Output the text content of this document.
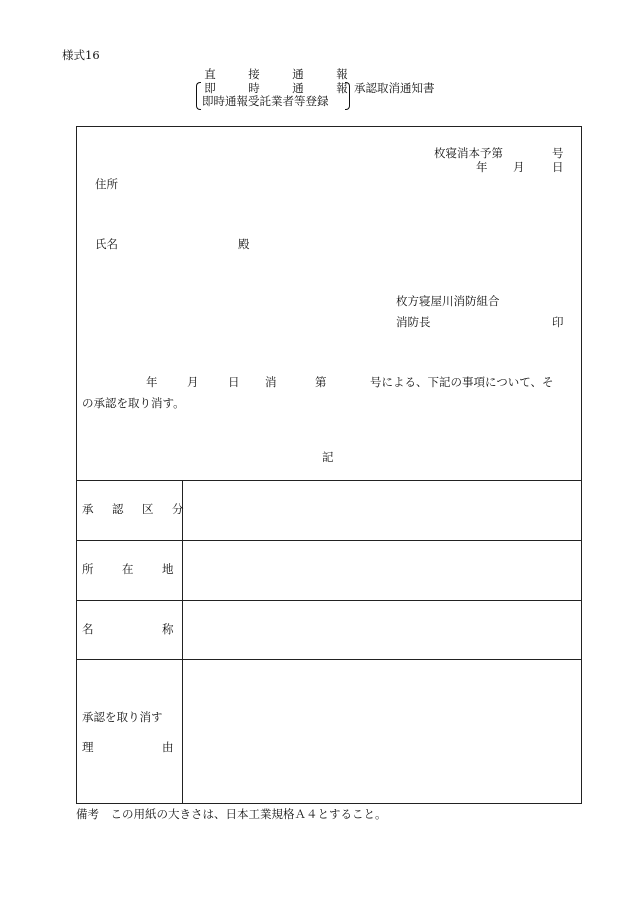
様式16
直	接	通	報
即	時	通	報
即時通報受託業者等登録
承認取消通知書
枚寝消本予第	号
年 月 日
住所
氏名	殿
枚方寝屋川消防組合
消防長	印
年	月	日 消	第	号による、下記の事項について、そ
の承認を取り消す。
記
承 認 区 分
所 在 地
名	称
承認を取り消す
理	由
備考　この用紙の大きさは、日本工業規格Ａ４とすること。
